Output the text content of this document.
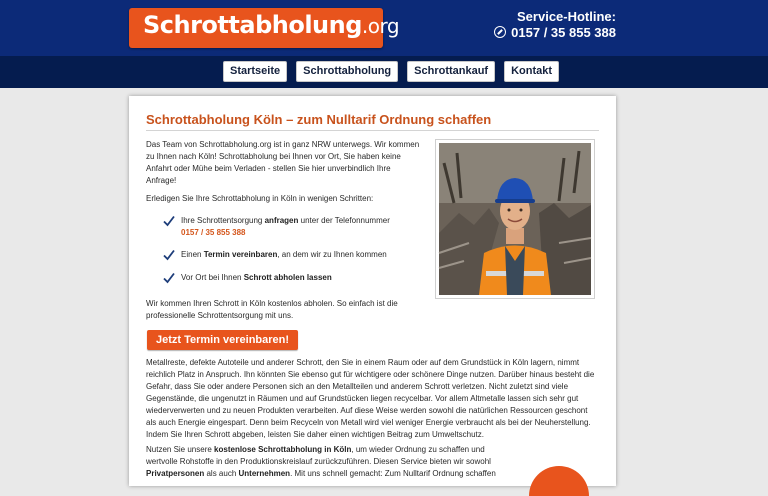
Schrottabholung.org	Service-Hotline:
0157 / 35 855 388
Startseite	Schrottabholung	Schrottankauf	Kontakt
Schrottabholung Köln – zum Nulltarif Ordnung schaffen

Das Team von Schrottabholung.org ist in ganz NRW unterwegs. Wir kommen zu Ihnen nach Köln! Schrottabholung bei Ihnen vor Ort, Sie haben keine Anfahrt oder Mühe beim Verladen - stellen Sie hier unverbindlich Ihre Anfrage!

Erledigen Sie Ihre Schrottabholung in Köln in wenigen Schritten:

Ihre Schrottentsorgung anfragen unter der Telefonnummer
0157 / 35 855 388
Einen Termin vereinbaren, an dem wir zu Ihnen kommen
Vor Ort bei Ihnen Schrott abholen lassen

Wir kommen Ihren Schrott in Köln kostenlos abholen. So einfach ist die professionelle Schrottentsorgung mit uns.

Jetzt Termin vereinbaren!

Metallreste, defekte Autoteile und anderer Schrott, den Sie in einem Raum oder auf dem Grundstück in Köln lagern, nimmt reichlich Platz in Anspruch. Ihn könnten Sie ebenso gut für wichtigere oder schönere Dinge nutzen. Darüber hinaus besteht die Gefahr, dass Sie oder andere Personen sich an den Metallteilen und anderem Schrott verletzen. Nicht zuletzt sind viele Gegenstände, die ungenutzt in Räumen und auf Grundstücken liegen recycelbar. Vor allem Altmetalle lassen sich sehr gut wiederverwerten und zu neuen Produkten verarbeiten. Auf diese Weise werden sowohl die natürlichen Ressourcen geschont als auch Energie eingespart. Denn beim Recyceln von Metall wird viel weniger Energie verbraucht als bei der Neuherstellung. Indem Sie Ihren Schrott abgeben, leisten Sie daher einen wichtigen Beitrag zum Umweltschutz.

Nutzen Sie unsere kostenlose Schrottabholung in Köln, um wieder Ordnung zu schaffen und wertvolle Rohstoffe in den Produktionskreislauf zurückzuführen. Diesen Service bieten wir sowohl Privatpersonen als auch Unternehmen. Mit uns schnell gemacht: Zum Nulltarif Ordnung schaffen
